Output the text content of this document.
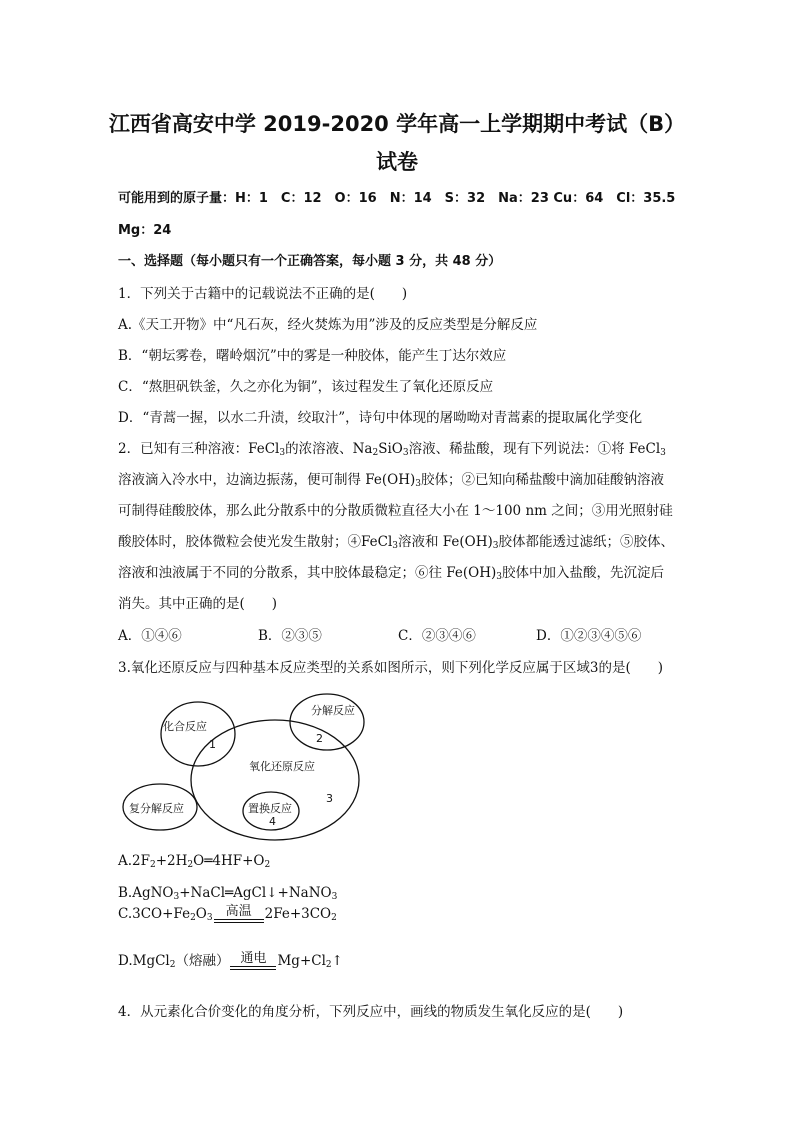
江西省高安中学 2019-2020 学年高一上学期期中考试（B）
试卷
可能用到的原子量：H：1　C：12　O：16　N：14　S：32　Na：23 Cu：64　Cl：35.5
Mg：24
一、选择题（每小题只有一个正确答案，每小题 3 分，共 48 分）
1．下列关于古籍中的记载说法不正确的是(　　)
A.《天工开物》中“凡石灰，经火焚炼为用”涉及的反应类型是分解反应
B．“朝坛雾卷，曙岭烟沉”中的雾是一种胶体，能产生丁达尔效应
C．“熬胆矾铁釜，久之亦化为铜”，该过程发生了氧化还原反应
D．“青蒿一握，以水二升渍，绞取汁”，诗句中体现的屠呦呦对青蒿素的提取属化学变化
2．已知有三种溶液：FeCl$_3$的浓溶液、$Na_2SiO_3$溶液、稀盐酸，现有下列说法：①将 FeCl$_3$
溶液滴入冷水中，边滴边振荡，便可制得 $Fe(OH)_3$胶体；②已知向稀盐酸中滴加硅酸钠溶液
可制得硅酸胶体，那么此分散系中的分散质微粒直径大小在 1～100 nm 之间；③用光照射硅
酸胶体时，胶体微粒会使光发生散射；④FeCl$_3$溶液和 $Fe(OH)_3$胶体都能透过滤纸；⑤胶体、
溶液和浊液属于不同的分散系，其中胶体最稳定；⑥往 $Fe(OH)_3$胶体中加入盐酸，先沉淀后
消失。其中正确的是(　　)
A．①④⑥	B．②③⑤	C．②③④⑥	D．①②③④⑤⑥
3.氧化还原反应与四种基本反应类型的关系如图所示，则下列化学反应属于区域3的是(　　)
化合反应
1
分解反应
2
氧化还原反应
3
复分解反应	置换反应
4
$A.2F_2+2H_2O═4HF+O_2$
B.AgNO$_3$+NaCl═AgCl↓+NaNO$_3$
$C.3CO+Fe_2O_3$ 高温 $2Fe+3CO_2$
D.MgCl$_2$（熔融） 通电 $Mg+Cl_2↑$
4．从元素化合价变化的角度分析，下列反应中，画线的物质发生氧化反应的是(　　)
